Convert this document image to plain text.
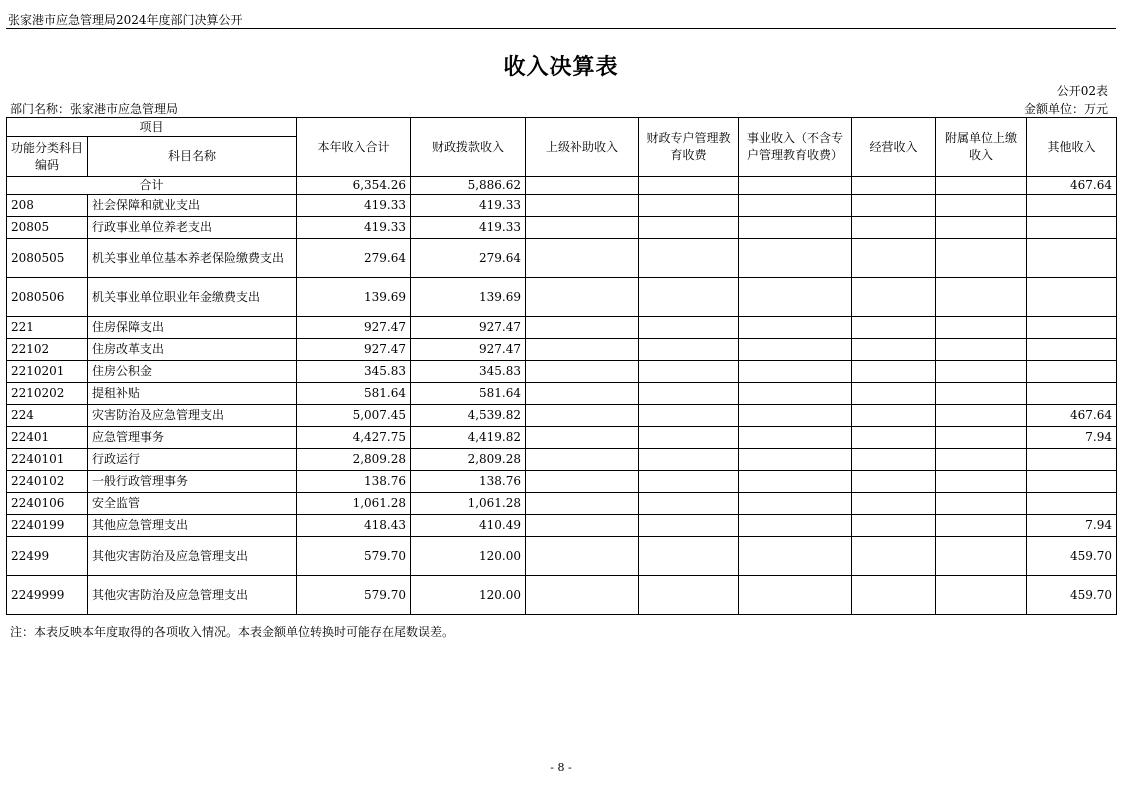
张家港市应急管理局2024年度部门决算公开
收入决算表
公开02表
部门名称：张家港市应急管理局	金额单位：万元
项目		本年收入合计	财政拨款收入	上级补助收入	财政专户管理教育收费	事业收入（不含专户管理教育收费）	经营收入	附属单位上缴收入	其他收入
功能分类科目编码	科目名称								
合计		6,354.26	5,886.62						467.64
208	社会保障和就业支出	419.33	419.33						
20805	行政事业单位养老支出	419.33	419.33						
2080505	机关事业单位基本养老保险缴费支出	279.64	279.64						
2080506	机关事业单位职业年金缴费支出	139.69	139.69						
221	住房保障支出	927.47	927.47						
22102	住房改革支出	927.47	927.47						
2210201	住房公积金	345.83	345.83						
2210202	提租补贴	581.64	581.64						
224	灾害防治及应急管理支出	5,007.45	4,539.82						467.64
22401	应急管理事务	4,427.75	4,419.82						7.94
2240101	行政运行	2,809.28	2,809.28						
2240102	一般行政管理事务	138.76	138.76						
2240106	安全监管	1,061.28	1,061.28						
2240199	其他应急管理支出	418.43	410.49						7.94
22499	其他灾害防治及应急管理支出	579.70	120.00						459.70
2249999	其他灾害防治及应急管理支出	579.70	120.00						459.70
注：本表反映本年度取得的各项收入情况。本表金额单位转换时可能存在尾数误差。
- 8 -
